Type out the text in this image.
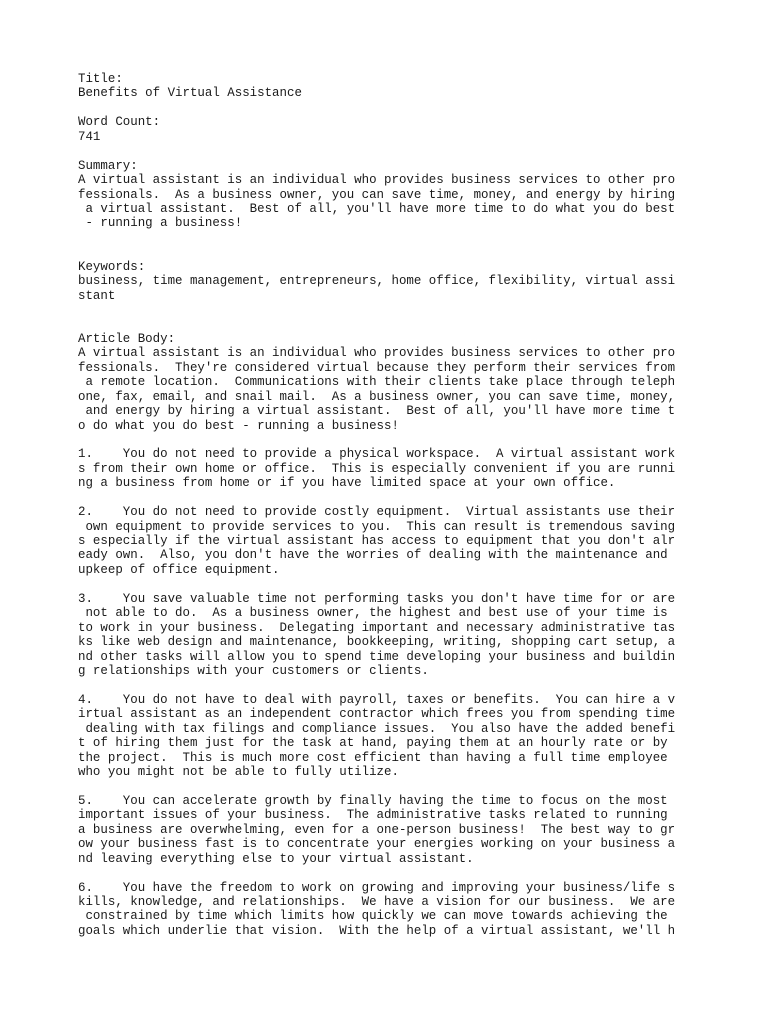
Title:
Benefits of Virtual Assistance
Word Count:
741
Summary:
A virtual assistant is an individual who provides business services to other pro
fessionals.  As a business owner, you can save time, money, and energy by hiring
a virtual assistant.  Best of all, you'll have more time to do what you do best
- running a business!
Keywords:
business, time management, entrepreneurs, home office, flexibility, virtual assi
stant
Article Body:
A virtual assistant is an individual who provides business services to other pro
fessionals.  They're considered virtual because they perform their services from
a remote location.  Communications with their clients take place through teleph
one, fax, email, and snail mail.  As a business owner, you can save time, money,
and energy by hiring a virtual assistant.  Best of all, you'll have more time t
o do what you do best - running a business!
1.    You do not need to provide a physical workspace.  A virtual assistant work
s from their own home or office.  This is especially convenient if you are runni
ng a business from home or if you have limited space at your own office.
2.    You do not need to provide costly equipment.  Virtual assistants use their
own equipment to provide services to you.  This can result is tremendous saving
s especially if the virtual assistant has access to equipment that you don't alr
eady own.  Also, you don't have the worries of dealing with the maintenance and
upkeep of office equipment.
3.    You save valuable time not performing tasks you don't have time for or are
not able to do.  As a business owner, the highest and best use of your time is
to work in your business.  Delegating important and necessary administrative tas
ks like web design and maintenance, bookkeeping, writing, shopping cart setup, a
nd other tasks will allow you to spend time developing your business and buildin
g relationships with your customers or clients.
4.    You do not have to deal with payroll, taxes or benefits.  You can hire a v
irtual assistant as an independent contractor which frees you from spending time
dealing with tax filings and compliance issues.  You also have the added benefi
t of hiring them just for the task at hand, paying them at an hourly rate or by
the project.  This is much more cost efficient than having a full time employee
who you might not be able to fully utilize.
5.    You can accelerate growth by finally having the time to focus on the most
important issues of your business.  The administrative tasks related to running
a business are overwhelming, even for a one-person business!  The best way to gr
ow your business fast is to concentrate your energies working on your business a
nd leaving everything else to your virtual assistant.
6.    You have the freedom to work on growing and improving your business/life s
kills, knowledge, and relationships.  We have a vision for our business.  We are
constrained by time which limits how quickly we can move towards achieving the
goals which underlie that vision.  With the help of a virtual assistant, we'll h
